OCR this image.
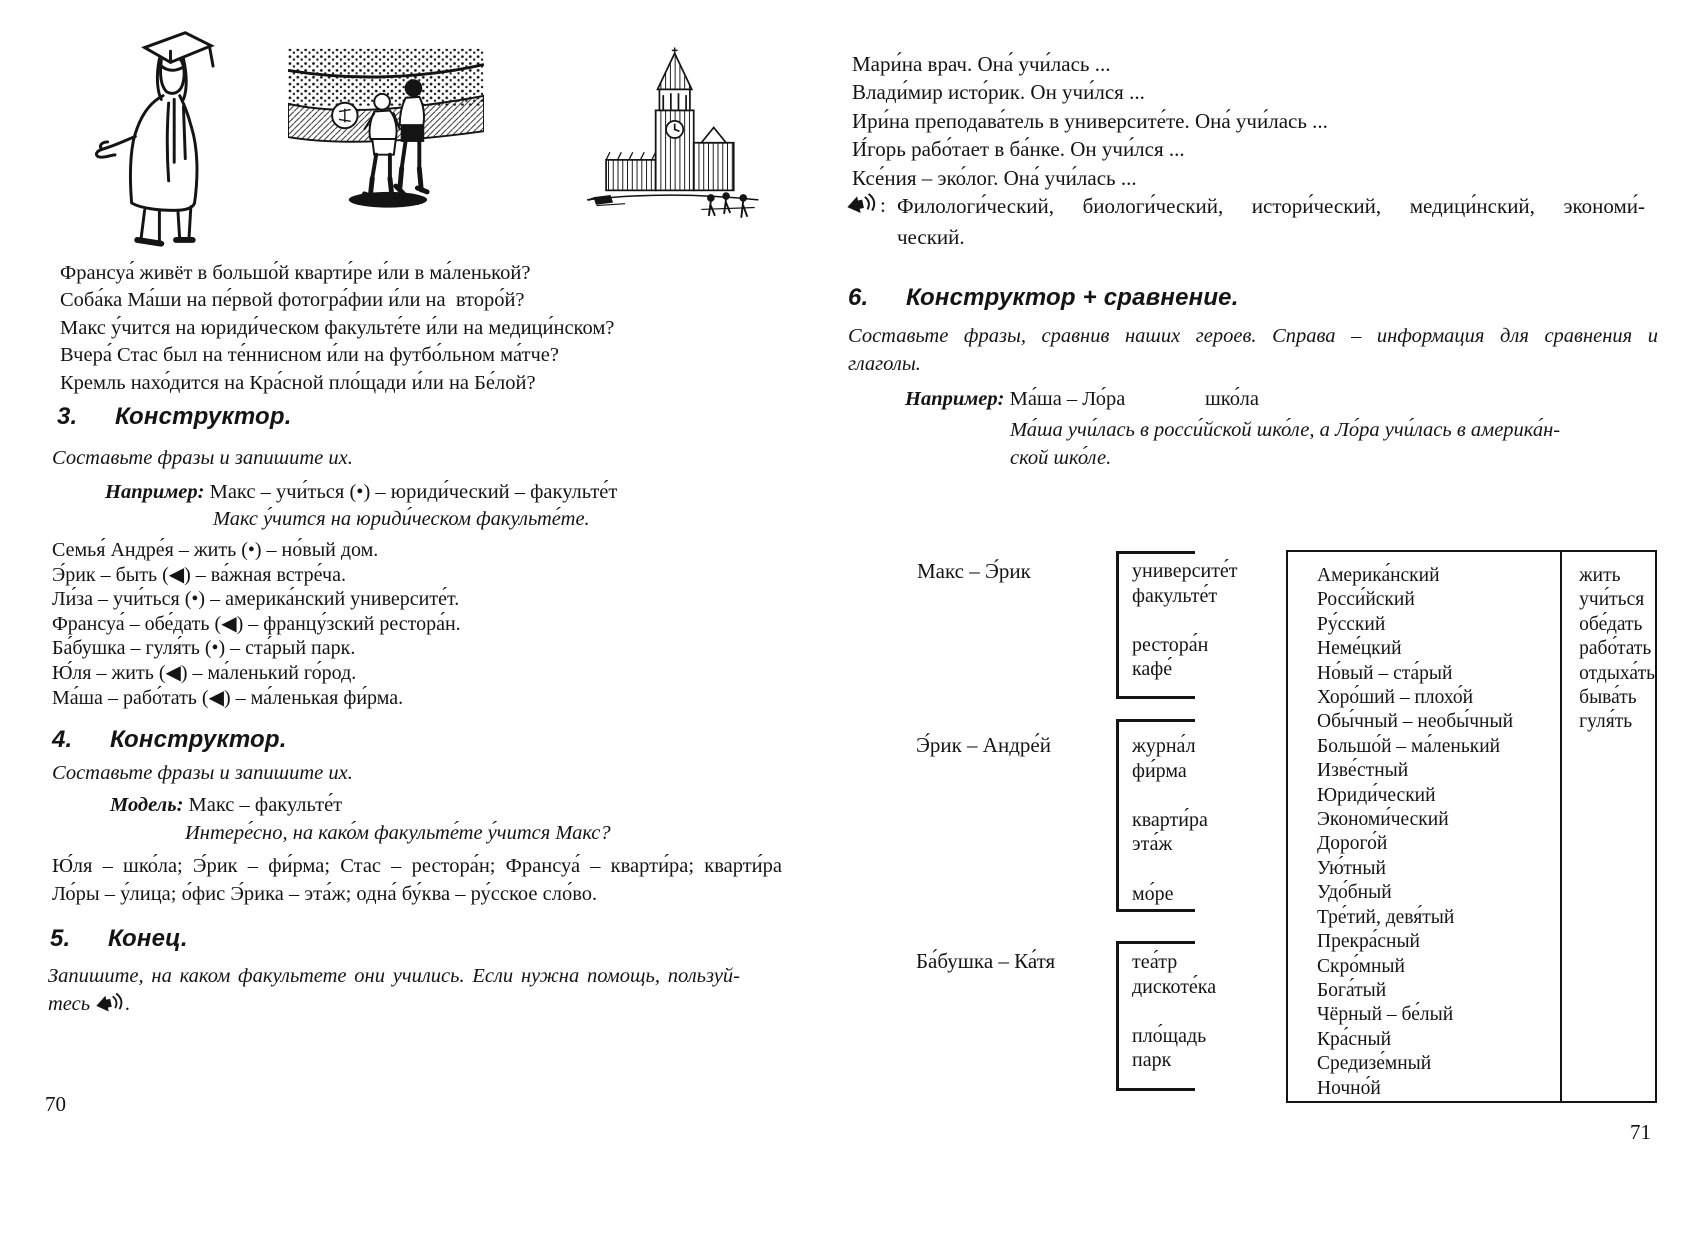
Франсуа́ живёт в большо́й кварти́ре и́ли в ма́ленькой?
Соба́ка Ма́ши на пе́рвой фотогра́фии и́ли на  второ́й?
Макс у́чится на юриди́ческом факульте́те и́ли на медици́нском?
Вчера́ Стас был на те́ннисном и́ли на футбо́льном ма́тче?
Кремль нахо́дится на Кра́сной пло́щади и́ли на Бе́лой?
3.	Конструктор.
Составьте фразы и запишите их.
Например: Макс – учи́ться (•) – юриди́ческий – факульте́т
Макс у́чится на юриди́ческом факульте́те.
Семья́ Андре́я – жить (•) – но́вый дом.
Э́рик – быть (◀) – ва́жная встре́ча.
Ли́за – учи́ться (•) – америка́нский университе́т.
Франсуа́ – обе́дать (◀) – францу́зский рестора́н.
Ба́бушка – гуля́ть (•) – ста́рый парк.
Ю́ля – жить (◀) – ма́ленький го́род.
Ма́ша – рабо́тать (◀) – ма́ленькая фи́рма.
4.	Конструктор.
Составьте фразы и запишите их.
Модель: Макс – факульте́т
Интере́сно, на како́м факульте́те у́чится Макс?
Ю́ля – шко́ла; Э́рик – фи́рма; Стас – рестора́н; Франсуа́ – кварти́ра; кварти́ра
Ло́ры – у́лица; о́фис Э́рика – эта́ж; одна́ бу́ква – ру́сское сло́во.
5.	Конец.
Запишите, на каком факультете они учились. Если нужна помощь, пользуй-
тесь .
70
Мари́на врач. Она́ учи́лась ...
Влади́мир исто́рик. Он учи́лся ...
Ири́на преподава́тель в университе́те. Она́ учи́лась ...
И́горь рабо́тает в ба́нке. Он учи́лся ...
Ксе́ния – эко́лог. Она́ учи́лась ...
: Филологи́ческий, биологи́ческий, истори́ческий, медици́нский, экономи́-
ческий.
6.	Конструктор + сравнение.
Составьте фразы, сравнив наших героев. Справа – информация для сравнения и
глаголы.
Например: Ма́ша – Ло́ра	шко́ла
Ма́ша учи́лась в росси́йской шко́ле, а Ло́ра учи́лась в америка́н-
ской шко́ле.
Макс – Э́рик
Э́рик – Андре́й
Ба́бушка – Ка́тя
университе́т
факульте́т
рестора́н
кафе́
журна́л
фи́рма
кварти́ра
эта́ж
мо́ре
теа́тр
дискоте́ка
пло́щадь
парк
Америка́нский
Росси́йский
Ру́сский
Неме́цкий
Но́вый – ста́рый
Хоро́ший – плохо́й
Обы́чный – необы́чный
Большо́й – ма́ленький
Изве́стный
Юриди́ческий
Экономи́ческий
Дорого́й
Ую́тный
Удо́бный
Тре́тий, девя́тый
Прекра́сный
Скро́мный
Бога́тый
Чёрный – бе́лый
Кра́сный
Средизе́мный
Ночно́й
жить
учи́ться
обе́дать
рабо́тать
отдыха́ть
быва́ть
гуля́ть
71
